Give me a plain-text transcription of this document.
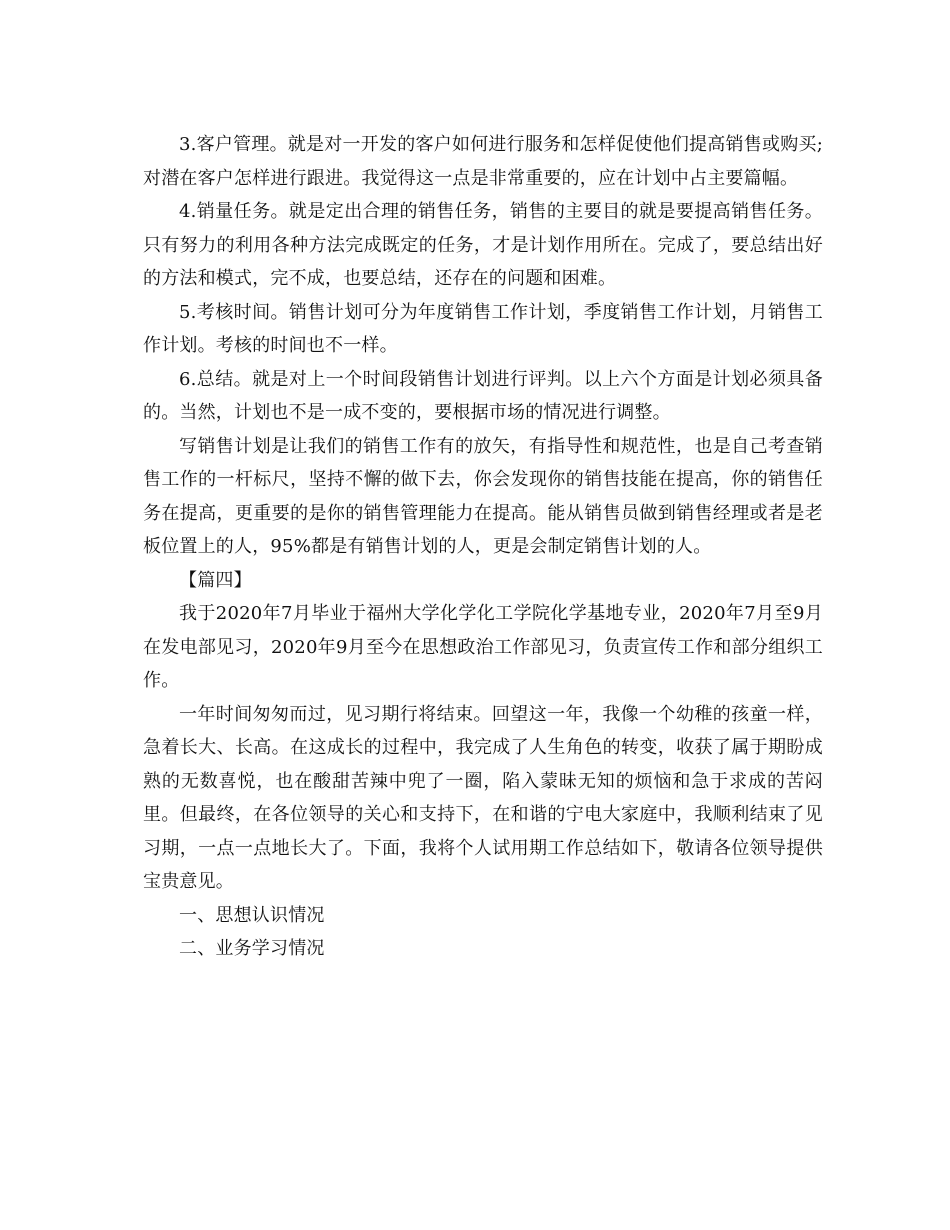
3.客户管理。就是对一开发的客户如何进行服务和怎样促使他们提高销售或购买;对潜在客户怎样进行跟进。我觉得这一点是非常重要的，应在计划中占主要篇幅。

4.销量任务。就是定出合理的销售任务，销售的主要目的就是要提高销售任务。只有努力的利用各种方法完成既定的任务，才是计划作用所在。完成了，要总结出好的方法和模式，完不成，也要总结，还存在的问题和困难。

5.考核时间。销售计划可分为年度销售工作计划，季度销售工作计划，月销售工作计划。考核的时间也不一样。

6.总结。就是对上一个时间段销售计划进行评判。以上六个方面是计划必须具备的。当然，计划也不是一成不变的，要根据市场的情况进行调整。

写销售计划是让我们的销售工作有的放矢，有指导性和规范性，也是自己考查销售工作的一杆标尺，坚持不懈的做下去，你会发现你的销售技能在提高，你的销售任务在提高，更重要的是你的销售管理能力在提高。能从销售员做到销售经理或者是老板位置上的人，95%都是有销售计划的人，更是会制定销售计划的人。

【篇四】

我于2020年7月毕业于福州大学化学化工学院化学基地专业，2020年7月至9月在发电部见习，2020年9月至今在思想政治工作部见习，负责宣传工作和部分组织工作。

一年时间匆匆而过，见习期行将结束。回望这一年，我像一个幼稚的孩童一样，急着长大、长高。在这成长的过程中，我完成了人生角色的转变，收获了属于期盼成熟的无数喜悦，也在酸甜苦辣中兜了一圈，陷入蒙昧无知的烦恼和急于求成的苦闷里。但最终，在各位领导的关心和支持下，在和谐的宁电大家庭中，我顺利结束了见习期，一点一点地长大了。下面，我将个人试用期工作总结如下，敬请各位领导提供宝贵意见。

一、思想认识情况

二、业务学习情况
